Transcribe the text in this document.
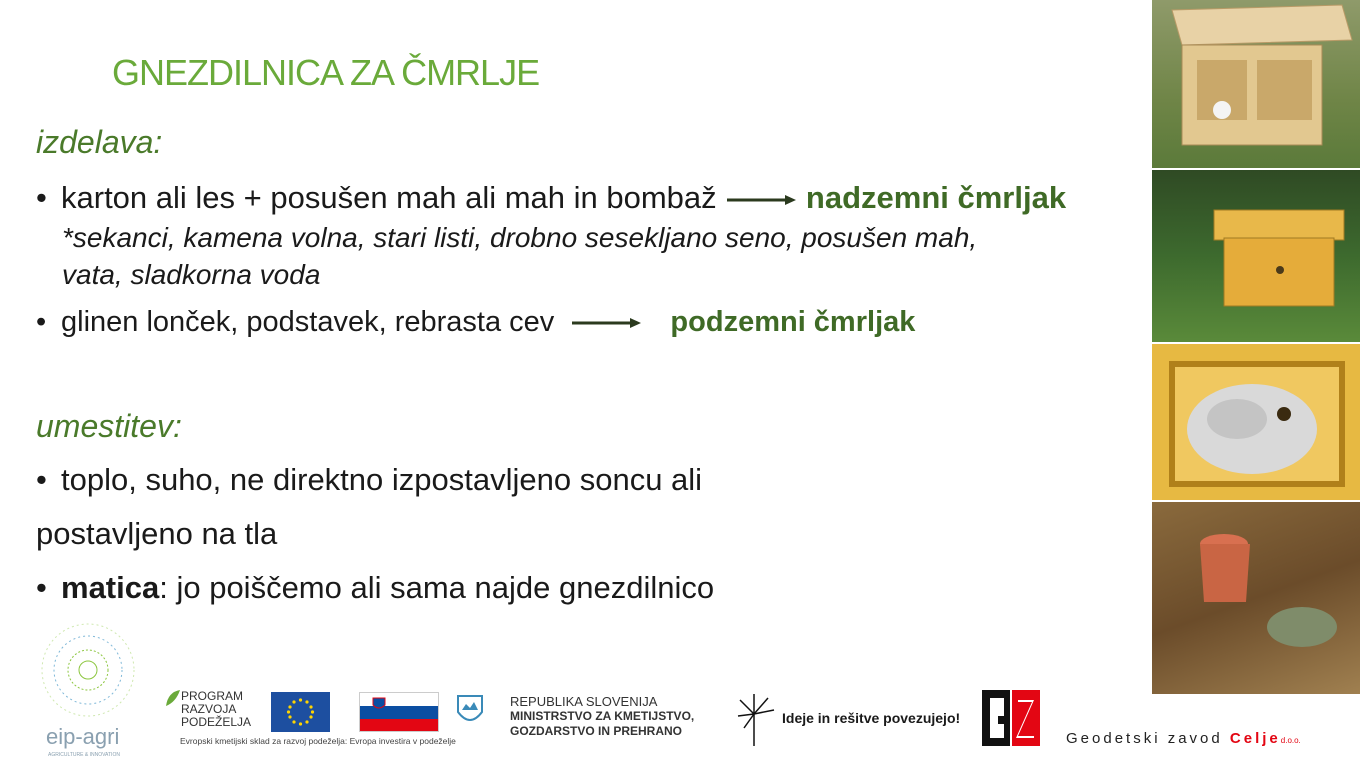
GNEZDILNICA ZA ČMRLJE
izdelava:
• karton ali les + posušen mah ali mah in bombaž	nadzemni čmrljak
*sekanci, kamena volna, stari listi, drobno sesekljano seno, posušen mah,
vata, sladkorna voda
• glinen lonček, podstavek, rebrasta cev	podzemni čmrljak
umestitev:
• toplo, suho, ne direktno izpostavljeno soncu ali
postavljeno na tla
• matica: jo poiščemo ali sama najde gnezdilnico
eip-agri
AGRICULTURE & INNOVATION
PROGRAM
RAZVOJA
PODEŽELJA
Evropski kmetijski sklad za razvoj podeželja: Evropa investira v podeželje
REPUBLIKA SLOVENIJA
MINISTRSTVO ZA KMETIJSTVO,
GOZDARSTVO IN PREHRANO
Ideje in rešitve povezujejo!
Geodetski zavod Celjed.o.o.
